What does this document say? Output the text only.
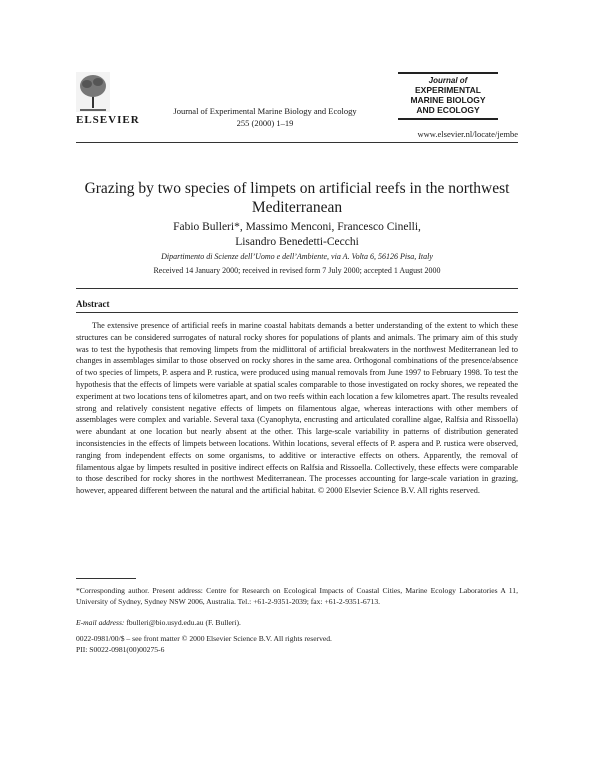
ELSEVIER
Journal of Experimental Marine Biology and Ecology
255 (2000) 1–19
Journal of
EXPERIMENTAL
MARINE BIOLOGY
AND ECOLOGY
www.elsevier.nl/locate/jembe
Grazing by two species of limpets on artificial reefs in the northwest Mediterranean
Fabio Bulleri*, Massimo Menconi, Francesco Cinelli,
Lisandro Benedetti-Cecchi
Dipartimento di Scienze dell’Uomo e dell’Ambiente, via A. Volta 6, 56126 Pisa, Italy
Received 14 January 2000; received in revised form 7 July 2000; accepted 1 August 2000
Abstract
The extensive presence of artificial reefs in marine coastal habitats demands a better understanding of the extent to which these structures can be considered surrogates of natural rocky shores for populations of plants and animals. The primary aim of this study was to test the hypothesis that removing limpets from the midlittoral of artificial breakwaters in the northwest Mediterranean led to changes in assemblages similar to those observed on rocky shores in the same area. Orthogonal combinations of the presence/absence of two species of limpets, P. aspera and P. rustica, were produced using manual removals from June 1997 to February 1998. To test the hypothesis that the effects of limpets were variable at spatial scales comparable to those investigated on rocky shores, we repeated the experiment at two locations tens of kilometres apart, and on two reefs within each location a few kilometres apart. The results revealed strong and relatively consistent negative effects of limpets on filamentous algae, whereas interactions with other members of assemblages were complex and variable. Several taxa (Cyanophyta, encrusting and articulated coralline algae, Ralfsia and Rissoella) were abundant at one location but nearly absent at the other. This large-scale variability in patterns of distribution generated inconsistencies in the effects of limpets between locations. Within locations, several effects of P. aspera and P. rustica were observed, ranging from independent effects on some organisms, to additive or interactive effects on others. Apparently, the removal of filamentous algae by limpets resulted in positive indirect effects on Ralfsia and Rissoella. Collectively, these effects were comparable to those described for rocky shores in the northwest Mediterranean. The processes accounting for large-scale variation in grazing, however, appeared different between the natural and the artificial habitat. © 2000 Elsevier Science B.V. All rights reserved.
*Corresponding author. Present address: Centre for Research on Ecological Impacts of Coastal Cities, Marine Ecology Laboratories A 11, University of Sydney, Sydney NSW 2006, Australia. Tel.: +61-2-9351-2039; fax: +61-2-9351-6713.
E-mail address: fbulleri@bio.usyd.edu.au (F. Bulleri).
0022-0981/00/$ – see front matter © 2000 Elsevier Science B.V. All rights reserved.
PII: S0022-0981(00)00275-6
